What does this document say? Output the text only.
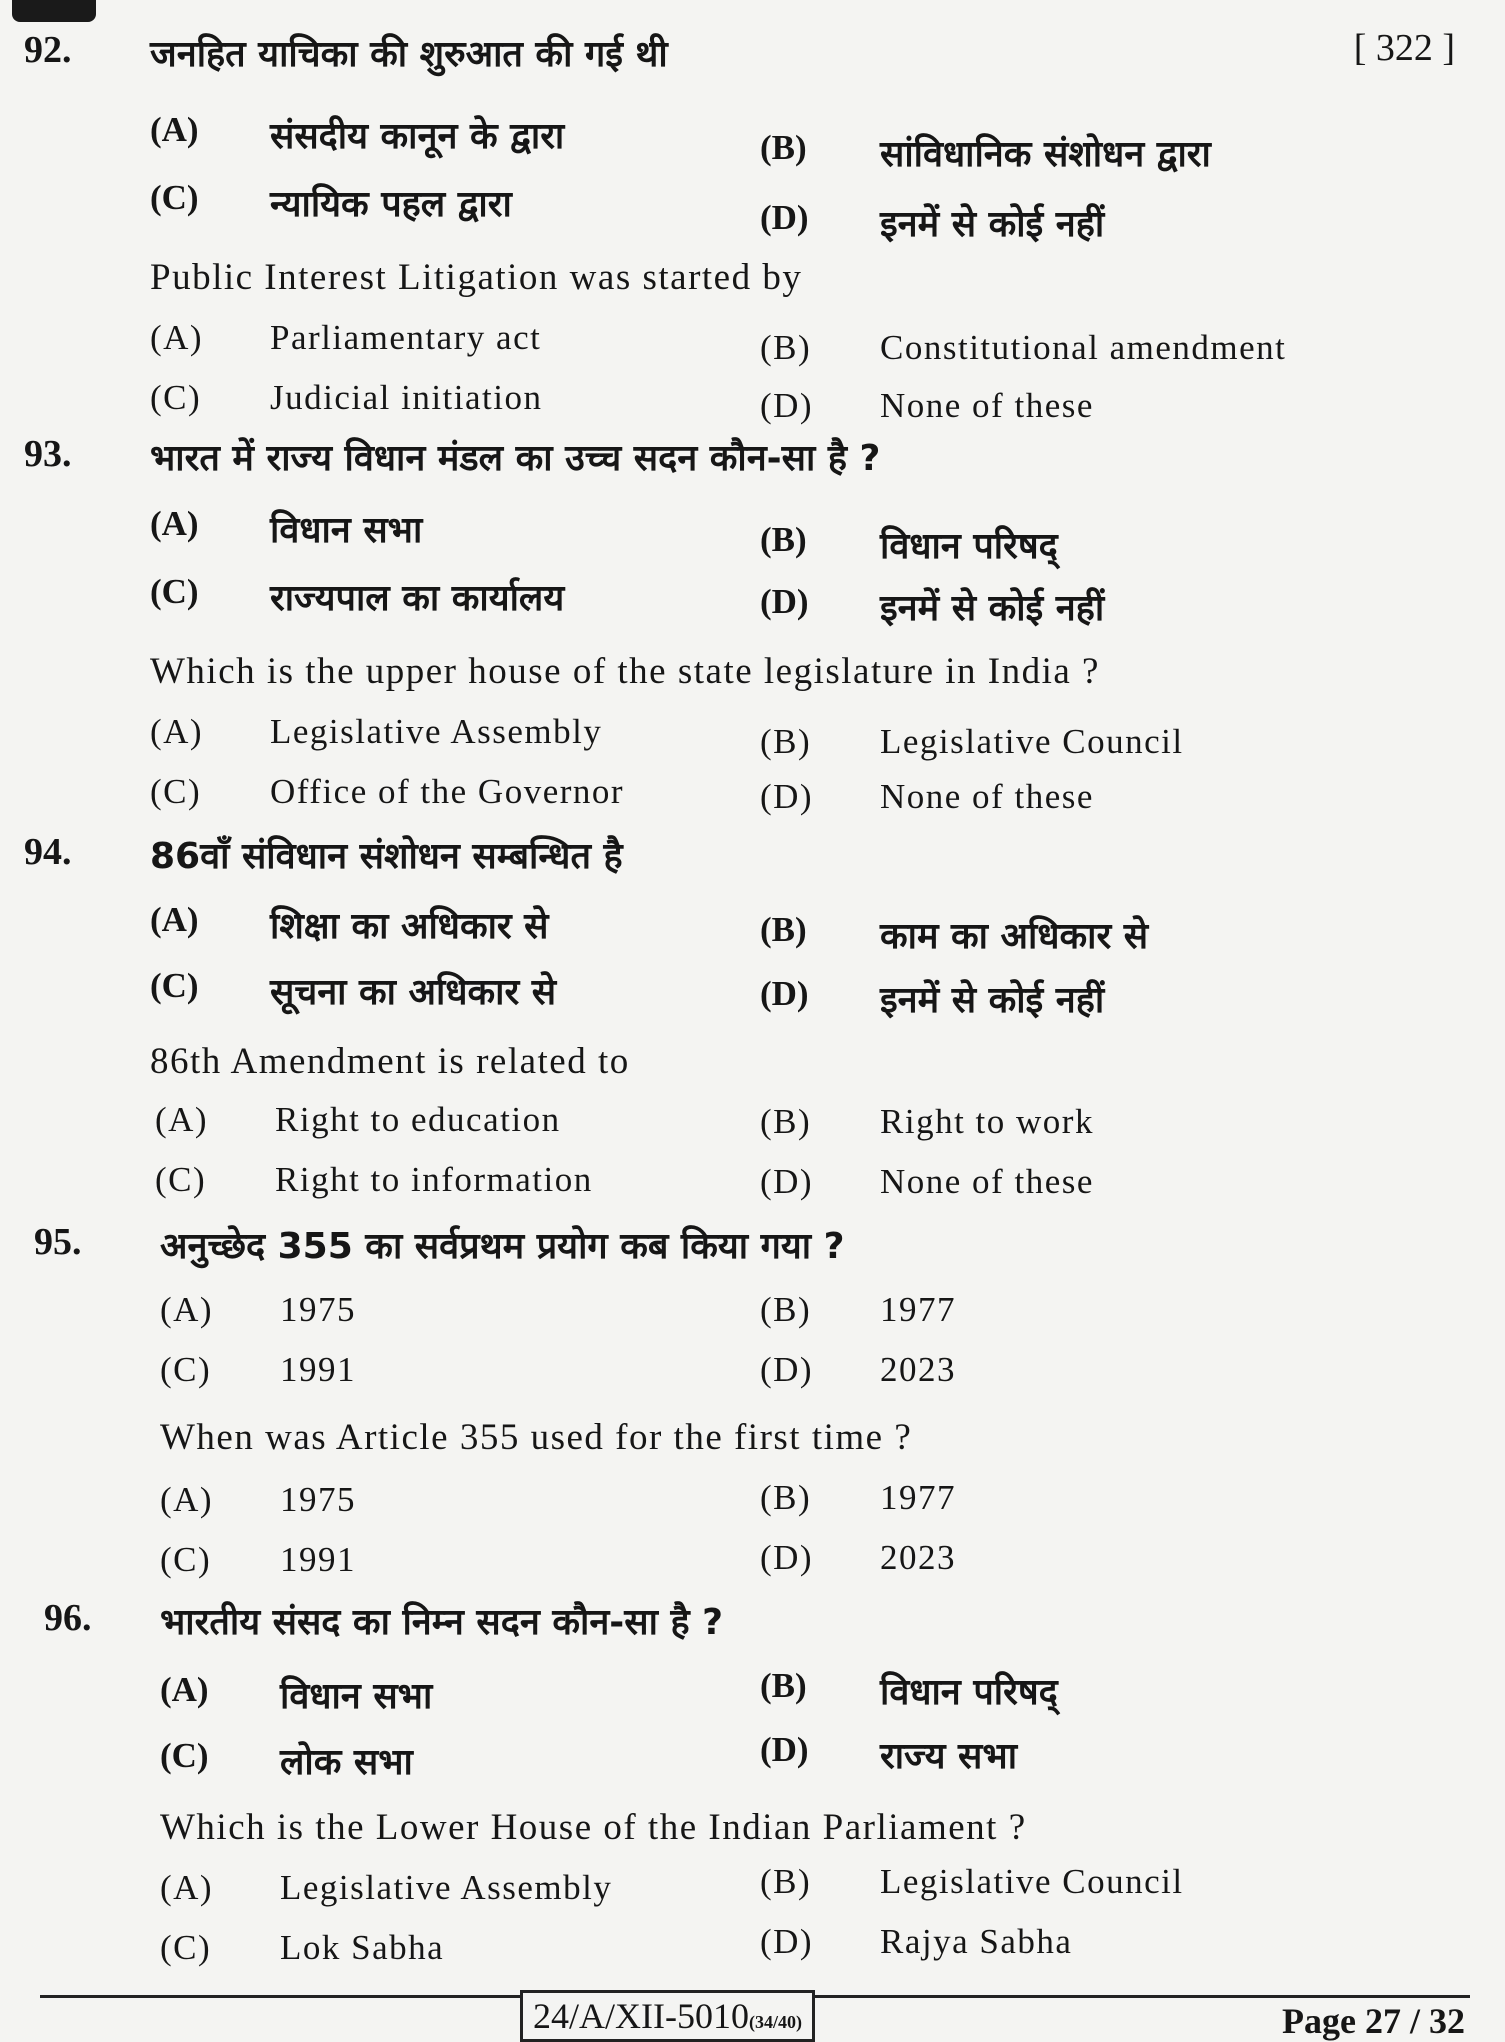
[ 322 ]
92. जनहित याचिका की शुरुआत की गई थी
(A) संसदीय कानून के द्वारा	(B) सांविधानिक संशोधन द्वारा
(C) न्यायिक पहल द्वारा	(D) इनमें से कोई नहीं
Public Interest Litigation was started by
(A) Parliamentary act	(B) Constitutional amendment
(C) Judicial initiation	(D) None of these
93. भारत में राज्य विधान मंडल का उच्च सदन कौन-सा है ?
(A) विधान सभा	(B) विधान परिषद्
(C) राज्यपाल का कार्यालय	(D) इनमें से कोई नहीं
Which is the upper house of the state legislature in India ?
(A) Legislative Assembly	(B) Legislative Council
(C) Office of the Governor	(D) None of these
94. 86वाँ संविधान संशोधन सम्बन्धित है
(A) शिक्षा का अधिकार से	(B) काम का अधिकार से
(C) सूचना का अधिकार से	(D) इनमें से कोई नहीं
86th Amendment is related to
(A) Right to education	(B) Right to work
(C) Right to information	(D) None of these
95. अनुच्छेद 355 का सर्वप्रथम प्रयोग कब किया गया ?
(A) 1975	(B) 1977
(C) 1991	(D) 2023
When was Article 355 used for the first time ?
(A) 1975	(B) 1977
(C) 1991	(D) 2023
96. भारतीय संसद का निम्न सदन कौन-सा है ?
(A) विधान सभा	(B) विधान परिषद्
(C) लोक सभा	(D) राज्य सभा
Which is the Lower House of the Indian Parliament ?
(A) Legislative Assembly	(B) Legislative Council
(C) Lok Sabha	(D) Rajya Sabha
24/A/XII-5010(34/40)	Page 27 / 32
